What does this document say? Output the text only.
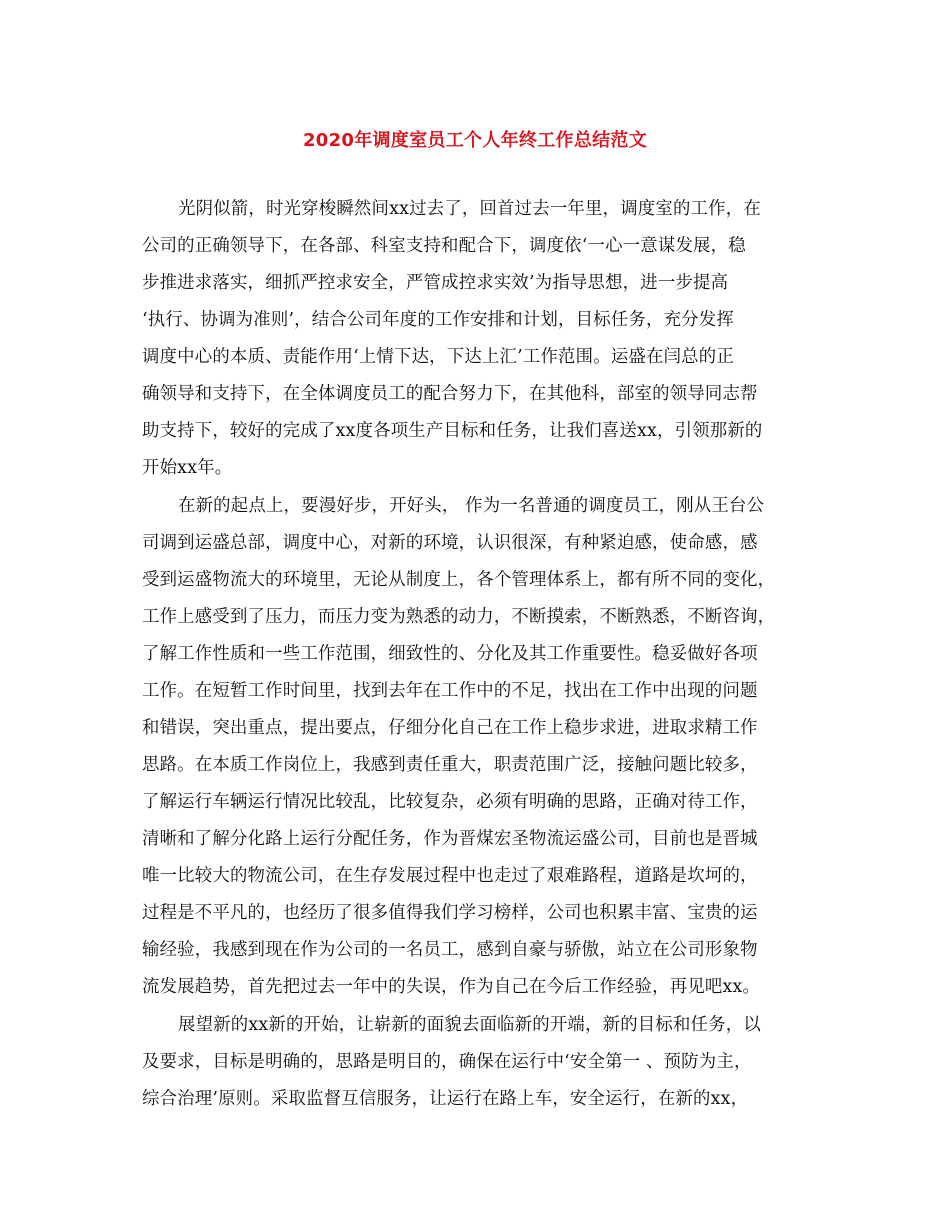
2020年调度室员工个人年终工作总结范文
光阴似箭，时光穿梭瞬然间xx过去了，回首过去一年里，调度室的工作，在
公司的正确领导下，在各部、科室支持和配合下，调度依‘一心一意谋发展，稳
步推进求落实，细抓严控求安全，严管成控求实效’为指导思想，进一步提高
‘执行、协调为准则’，结合公司年度的工作安排和计划，目标任务，充分发挥
调度中心的本质、责能作用‘上情下达，下达上汇’工作范围。运盛在闫总的正
确领导和支持下，在全体调度员工的配合努力下，在其他科，部室的领导同志帮
助支持下，较好的完成了xx度各项生产目标和任务，让我们喜送xx，引领那新的
开始xx年。
在新的起点上，要漫好步，开好头， 作为一名普通的调度员工，刚从王台公
司调到运盛总部，调度中心，对新的环境，认识很深，有种紧迫感，使命感，感
受到运盛物流大的环境里，无论从制度上，各个管理体系上，都有所不同的变化，
工作上感受到了压力，而压力变为熟悉的动力，不断摸索，不断熟悉，不断咨询，
了解工作性质和一些工作范围，细致性的、分化及其工作重要性。稳妥做好各项
工作。在短暂工作时间里，找到去年在工作中的不足，找出在工作中出现的问题
和错误，突出重点，提出要点，仔细分化自己在工作上稳步求进，进取求精工作
思路。在本质工作岗位上，我感到责任重大，职责范围广泛，接触问题比较多，
了解运行车辆运行情况比较乱，比较复杂，必须有明确的思路，正确对待工作，
清晰和了解分化路上运行分配任务，作为晋煤宏圣物流运盛公司，目前也是晋城
唯一比较大的物流公司，在生存发展过程中也走过了艰难路程，道路是坎坷的，
过程是不平凡的，也经历了很多值得我们学习榜样，公司也积累丰富、宝贵的运
输经验，我感到现在作为公司的一名员工，感到自豪与骄傲，站立在公司形象物
流发展趋势，首先把过去一年中的失误，作为自己在今后工作经验，再见吧xx。
展望新的xx新的开始，让崭新的面貌去面临新的开端，新的目标和任务，以
及要求，目标是明确的，思路是明目的，确保在运行中‘安全第一 、预防为主，
综合治理’原则。采取监督互信服务，让运行在路上车，安全运行，在新的xx，
